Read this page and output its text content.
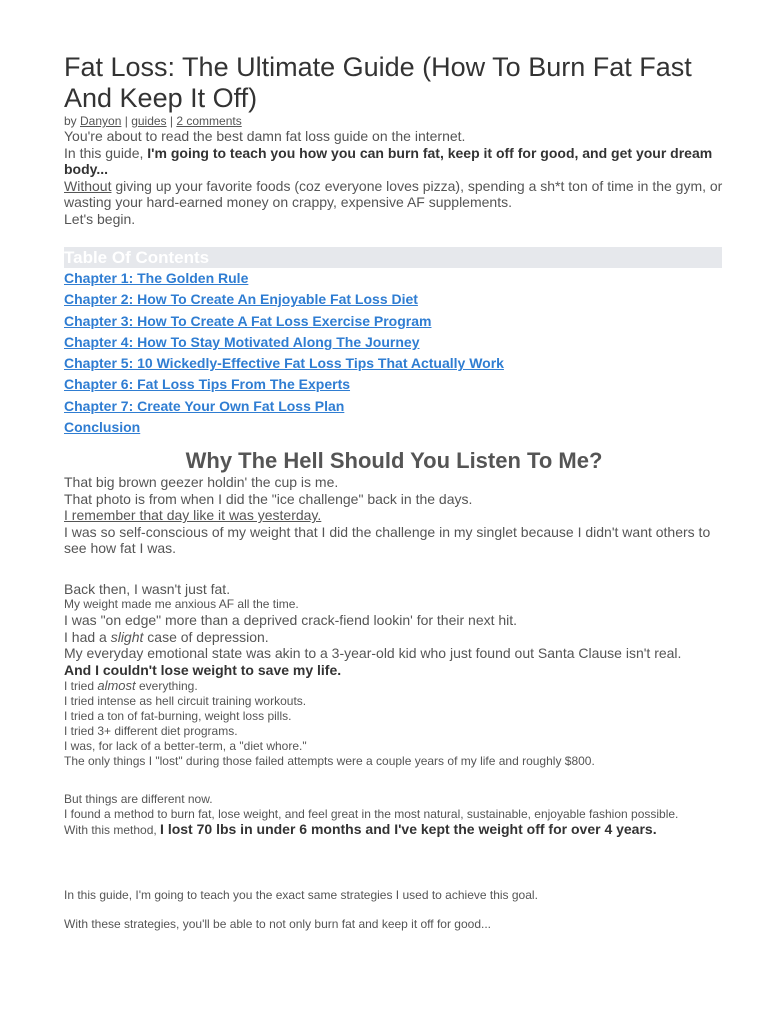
Fat Loss: The Ultimate Guide (How To Burn Fat Fast And Keep It Off)
by Danyon | guides | 2 comments

You're about to read the best damn fat loss guide on the internet.

In this guide, I'm going to teach you how you can burn fat, keep it off for good, and get your dream body...

Without giving up your favorite foods (coz everyone loves pizza), spending a sh*t ton of time in the gym, or wasting your hard-earned money on crappy, expensive AF supplements.

Let's begin.

Table Of Contents
Chapter 1: The Golden Rule
Chapter 2: How To Create An Enjoyable Fat Loss Diet
Chapter 3: How To Create A Fat Loss Exercise Program
Chapter 4: How To Stay Motivated Along The Journey
Chapter 5: 10 Wickedly-Effective Fat Loss Tips That Actually Work
Chapter 6: Fat Loss Tips From The Experts
Chapter 7: Create Your Own Fat Loss Plan
Conclusion
Why The Hell Should You Listen To Me?

That big brown geezer holdin' the cup is me.

That photo is from when I did the "ice challenge" back in the days.

I remember that day like it was yesterday.

I was so self-conscious of my weight that I did the challenge in my singlet because I didn't want others to see how fat I was.

Back then, I wasn't just fat.

My weight made me anxious AF all the time.

I was "on edge" more than a deprived crack-fiend lookin' for their next hit.

I had a slight case of depression.

My everyday emotional state was akin to a 3-year-old kid who just found out Santa Clause isn't real.

And I couldn't lose weight to save my life.

I tried almost everything.

I tried intense as hell circuit training workouts.

I tried a ton of fat-burning, weight loss pills.

I tried 3+ different diet programs.

I was, for lack of a better-term, a "diet whore."

The only things I "lost" during those failed attempts were a couple years of my life and roughly $800.

But things are different now.

I found a method to burn fat, lose weight, and feel great in the most natural, sustainable, enjoyable fashion possible.

With this method, I lost 70 lbs in under 6 months and I've kept the weight off for over 4 years.

In this guide, I'm going to teach you the exact same strategies I used to achieve this goal.

With these strategies, you'll be able to not only burn fat and keep it off for good...
